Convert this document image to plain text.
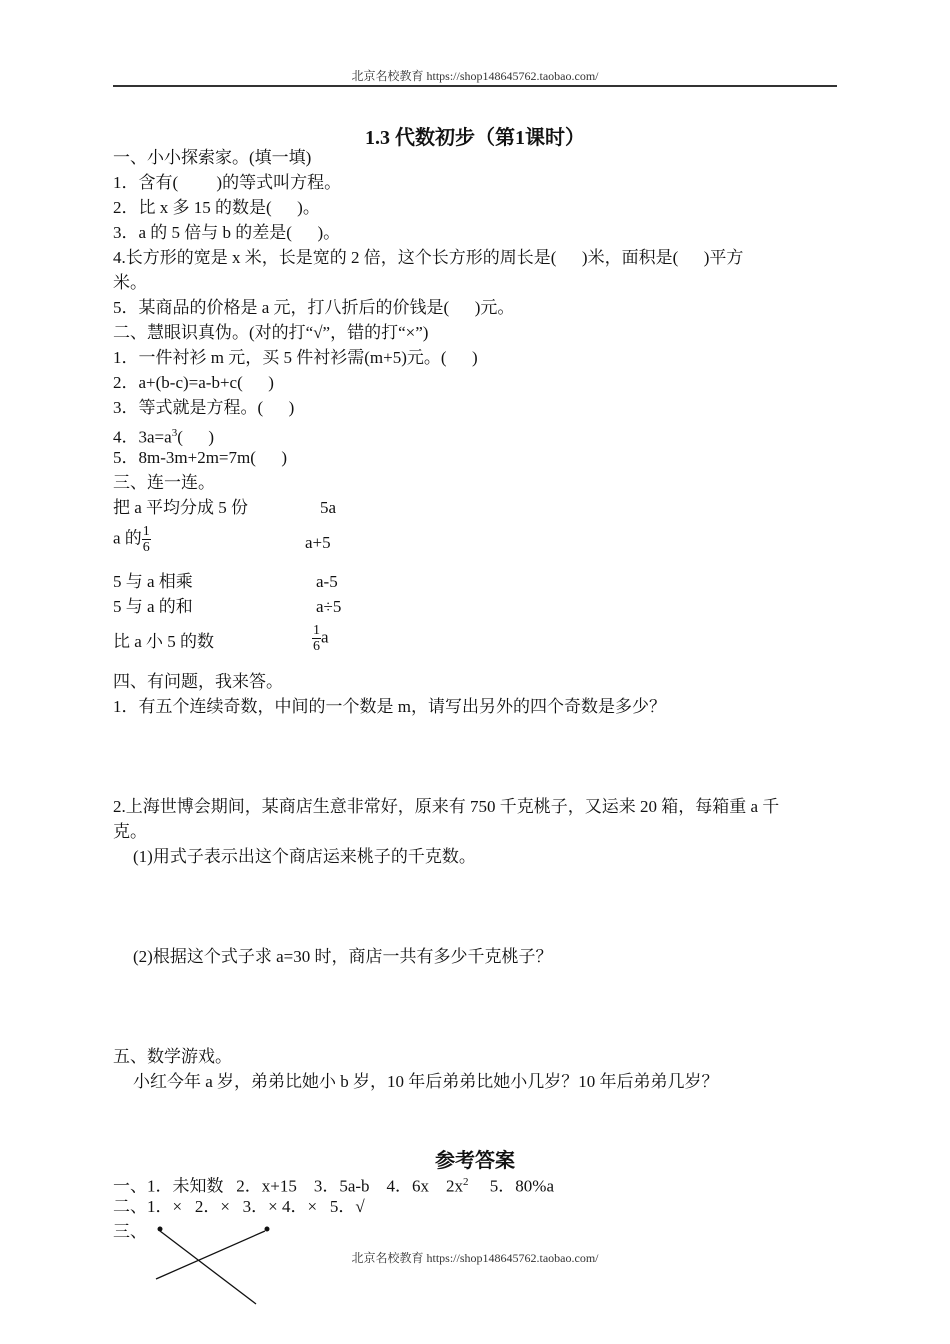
北京名校教育 https://shop148645762.taobao.com/
1.3 代数初步（第1课时）
一、小小探索家。(填一填)
1．含有(         )的等式叫方程。
2．比 x 多 15 的数是(      )。
3．a 的 5 倍与 b 的差是(      )。
4.长方形的宽是 x 米，长是宽的 2 倍，这个长方形的周长是(      )米，面积是(      )平方
米。
5．某商品的价格是 a 元，打八折后的价钱是(      )元。
二、慧眼识真伪。(对的打“√”，错的打“×”)
1．一件衬衫 m 元，买 5 件衬衫需(m+5)元。(      )
2．a+(b-c)=a-b+c(      )
3．等式就是方程。(      )
4．$3a=a^3$(      )
5．8m-3m+2m=7m(      )
三、连一连。
把 a 平均分成 5 份	5a
a 的 $\frac{1}{6}$	a+5
5 与 a 相乘	a-5
5 与 a 的和	a÷5
比 a 小 5 的数	$\frac{1}{6}$ a
四、有问题，我来答。
1．有五个连续奇数，中间的一个数是 m，请写出另外的四个奇数是多少？
2.上海世博会期间，某商店生意非常好，原来有 750 千克桃子，又运来 20 箱，每箱重 a 千
克。
(1)用式子表示出这个商店运来桃子的千克数。
(2)根据这个式子求 a=30 时，商店一共有多少千克桃子？
五、数学游戏。
小红今年 a 岁，弟弟比她小 b 岁，10 年后弟弟比她小几岁？10 年后弟弟几岁？
参考答案
一、1．未知数   2．x+15    3．5a-b    4．6x    $2x^2$     5．80%a
二、1．×   2．×   3．× 4．×   5．√
三、
北京名校教育 https://shop148645762.taobao.com/
